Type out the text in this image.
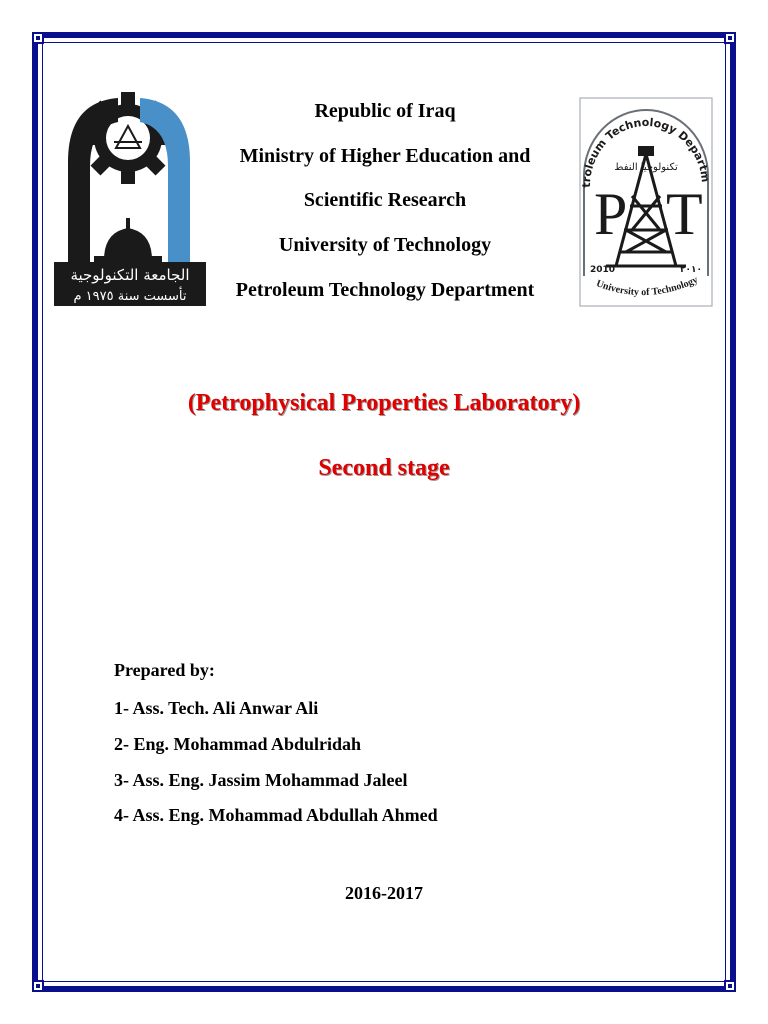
الجامعة التكنولوجية
تأسست سنة ١٩٧٥ م
Republic of Iraq
Ministry of Higher Education and
Scientific Research
University of Technology
Petroleum Technology Department
troleum Technology Departm
تكنولوجيا النفط
P T
2010	٢٠١٠
University of Technology
(Petrophysical Properties Laboratory)
Second stage
Prepared by:
1- Ass. Tech. Ali Anwar Ali
2- Eng. Mohammad Abdulridah
3- Ass. Eng. Jassim Mohammad Jaleel
4- Ass. Eng. Mohammad Abdullah Ahmed
2016-2017
